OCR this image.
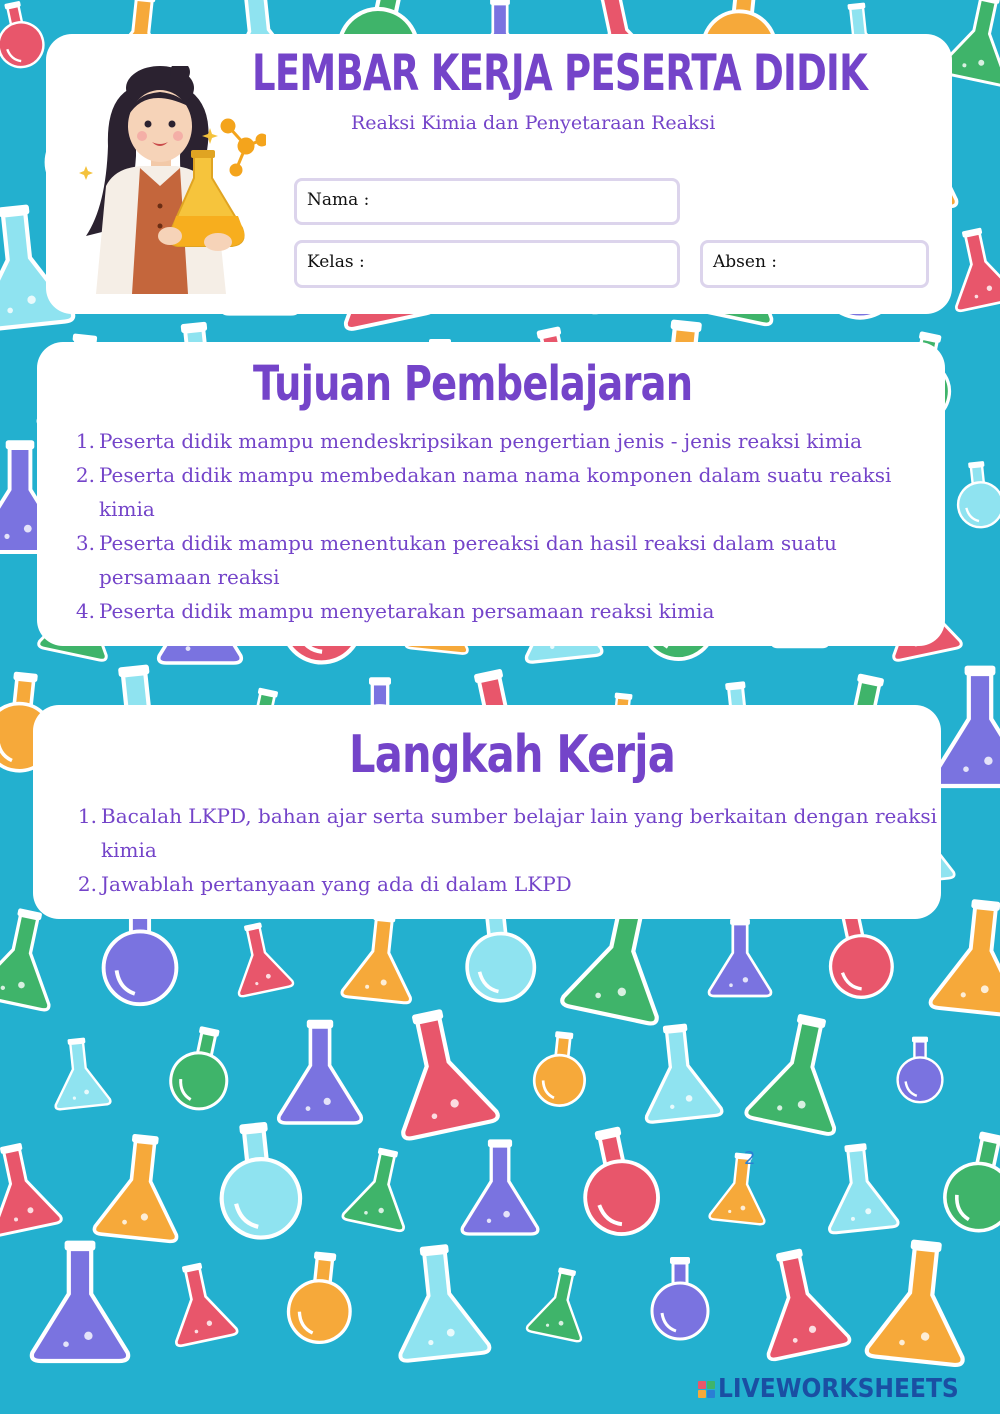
2
LEMBAR KERJA PESERTA DIDIK
Reaksi Kimia dan Penyetaraan Reaksi
Nama :
Kelas :	Absen :
Tujuan Pembelajaran
1. Peserta didik mampu mendeskripsikan pengertian jenis - jenis reaksi kimia
2. Peserta didik mampu membedakan nama nama komponen dalam suatu reaksi kimia
3. Peserta didik mampu menentukan pereaksi dan hasil reaksi dalam suatu persamaan reaksi
4. Peserta didik mampu menyetarakan persamaan reaksi kimia
Langkah Kerja
1. Bacalah LKPD, bahan ajar serta sumber belajar lain yang berkaitan dengan reaksi kimia
2. Jawablah pertanyaan yang ada di dalam LKPD
LIVEWORKSHEETS
